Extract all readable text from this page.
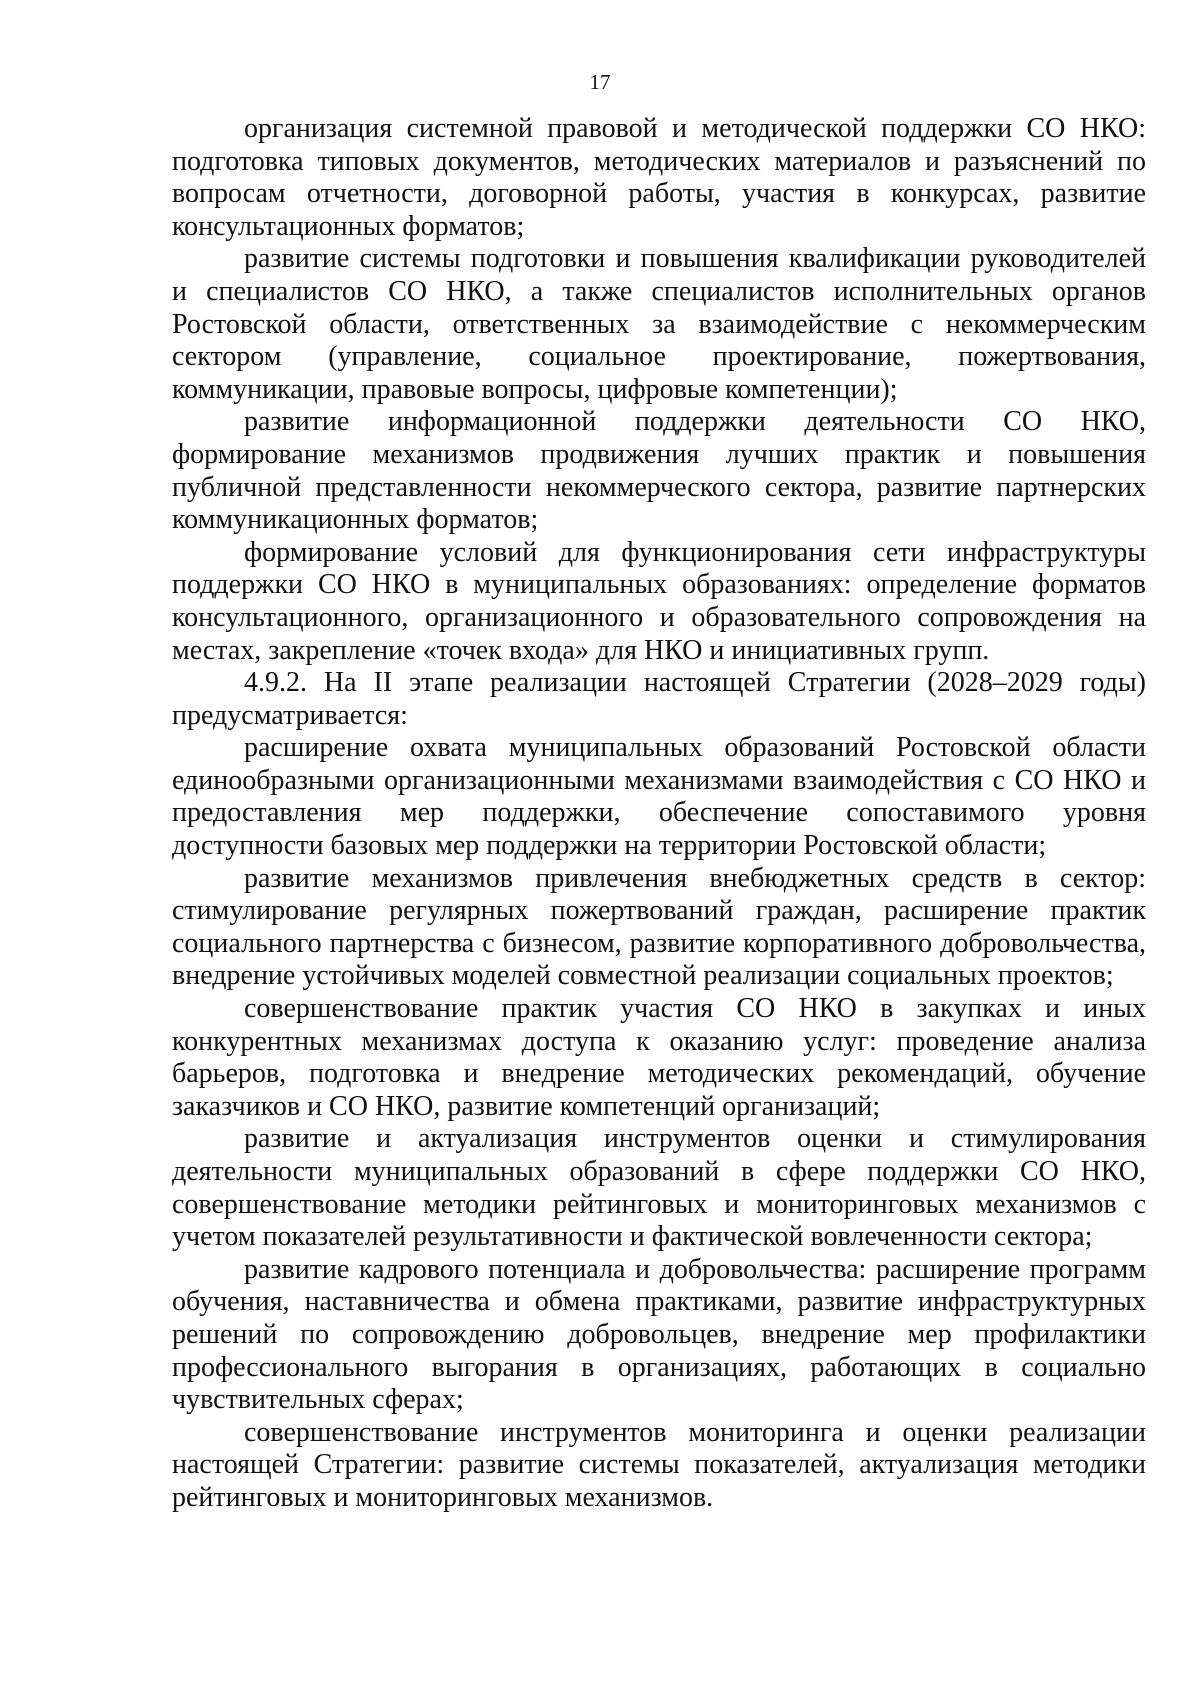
17

организация системной правовой и методической поддержки СО НКО: подготовка типовых документов, методических материалов и разъяснений по вопросам отчетности, договорной работы, участия в конкурсах, развитие консультационных форматов;

развитие системы подготовки и повышения квалификации руководителей и специалистов СО НКО, а также специалистов исполнительных органов Ростовской области, ответственных за взаимодействие с некоммерческим сектором (управление, социальное проектирование, пожертвования, коммуникации, правовые вопросы, цифровые компетенции);

развитие информационной поддержки деятельности СО НКО, формирование механизмов продвижения лучших практик и повышения публичной представленности некоммерческого сектора, развитие партнерских коммуникационных форматов;

формирование условий для функционирования сети инфраструктуры поддержки СО НКО в муниципальных образованиях: определение форматов консультационного, организационного и образовательного сопровождения на местах, закрепление «точек входа» для НКО и инициативных групп.

4.9.2. На II этапе реализации настоящей Стратегии (2028–2029 годы) предусматривается:

расширение охвата муниципальных образований Ростовской области единообразными организационными механизмами взаимодействия с СО НКО и предоставления мер поддержки, обеспечение сопоставимого уровня доступности базовых мер поддержки на территории Ростовской области;

развитие механизмов привлечения внебюджетных средств в сектор: стимулирование регулярных пожертвований граждан, расширение практик социального партнерства с бизнесом, развитие корпоративного добровольчества, внедрение устойчивых моделей совместной реализации социальных проектов;

совершенствование практик участия СО НКО в закупках и иных конкурентных механизмах доступа к оказанию услуг: проведение анализа барьеров, подготовка и внедрение методических рекомендаций, обучение заказчиков и СО НКО, развитие компетенций организаций;

развитие и актуализация инструментов оценки и стимулирования деятельности муниципальных образований в сфере поддержки СО НКО, совершенствование методики рейтинговых и мониторинговых механизмов с учетом показателей результативности и фактической вовлеченности сектора;

развитие кадрового потенциала и добровольчества: расширение программ обучения, наставничества и обмена практиками, развитие инфраструктурных решений по сопровождению добровольцев, внедрение мер профилактики профессионального выгорания в организациях, работающих в социально чувствительных сферах;

совершенствование инструментов мониторинга и оценки реализации настоящей Стратегии: развитие системы показателей, актуализация методики рейтинговых и мониторинговых механизмов.
